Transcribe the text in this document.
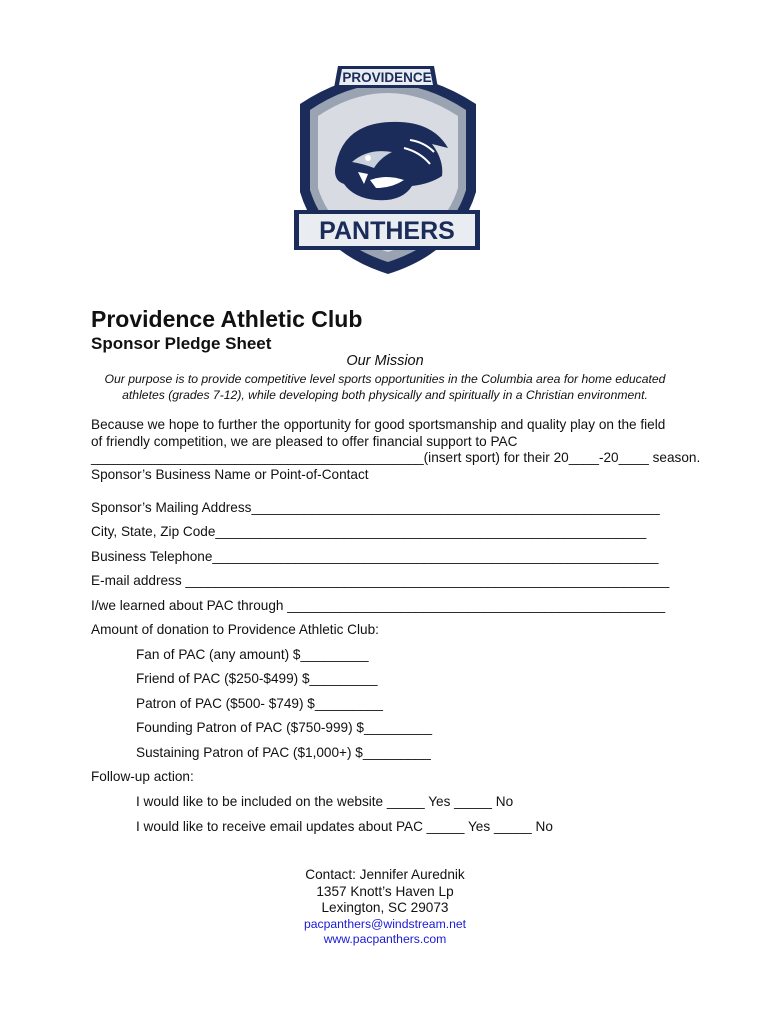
PROVIDENCE
PANTHERS
Providence Athletic Club
Sponsor Pledge Sheet
Our Mission
Our purpose is to provide competitive level sports opportunities in the Columbia area for home educated
athletes (grades 7-12), while developing both physically and spiritually in a Christian environment.
Because we hope to further the opportunity for good sportsmanship and quality play on the field
of friendly competition, we are pleased to offer financial support to PAC
____________________________________________(insert sport) for their 20____-20____ season.
Sponsor’s Business Name or Point-of-Contact
Sponsor’s Mailing Address______________________________________________________
City, State, Zip Code_________________________________________________________
Business Telephone___________________________________________________________
E-mail address ________________________________________________________________
I/we learned about PAC through __________________________________________________
Amount of donation to Providence Athletic Club:
Fan of PAC (any amount) $_________
Friend of PAC ($250-$499) $_________
Patron of PAC ($500- $749) $_________
Founding Patron of PAC ($750-999) $_________
Sustaining Patron of PAC ($1,000+) $_________
Follow-up action:
I would like to be included on the website _____ Yes _____ No
I would like to receive email updates about PAC _____ Yes _____ No
Contact: Jennifer Aurednik
1357 Knott’s Haven Lp
Lexington, SC 29073
pacpanthers@windstream.net
www.pacpanthers.com
